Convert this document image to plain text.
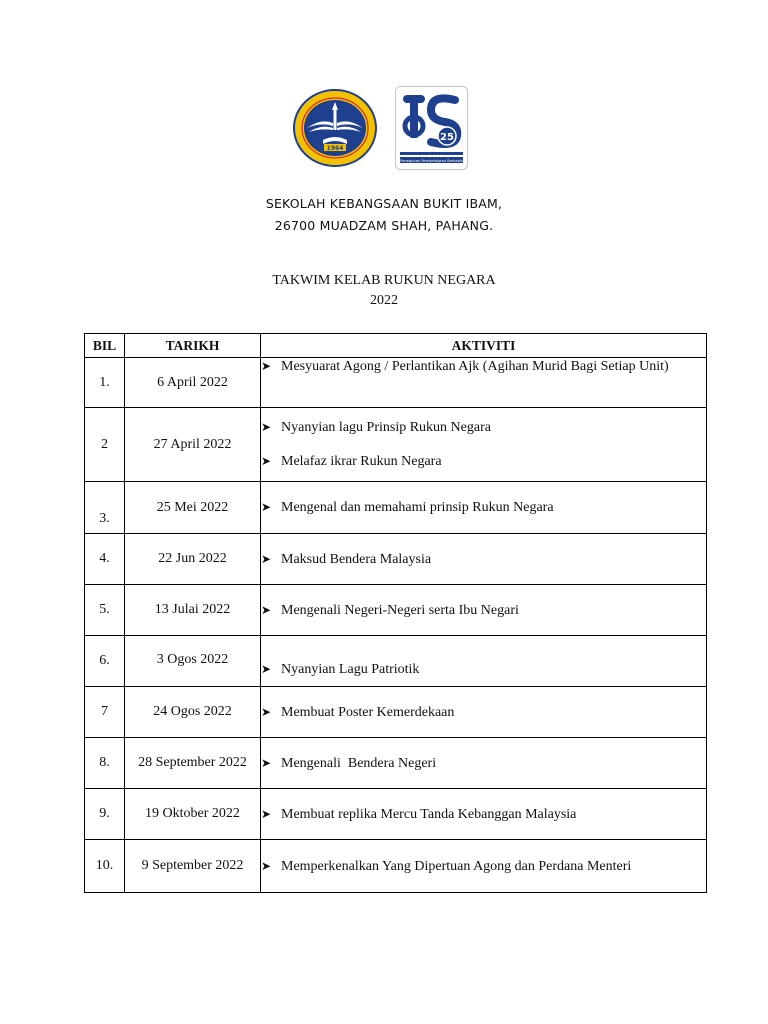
1964
25
Peneguhan Pembelajaran Berhabis
SEKOLAH KEBANGSAAN BUKIT IBAM,
26700 MUADZAM SHAH, PAHANG.
TAKWIM KELAB RUKUN NEGARA
2022
BIL	TARIKH	AKTIVITI
1.	6 April 2022	➤ Mesyuarat Agong / Perlantikan Ajk (Agihan Murid Bagi Setiap Unit)

2	27 April 2022	➤ Nyanyian lagu Prinsip Rukun Negara
➤ Melafaz ikrar Rukun Negara

3.	25 Mei 2022	➤ Mengenal dan memahami prinsip Rukun Negara

4.	22 Jun 2022	➤ Maksud Bendera Malaysia

5.	13 Julai 2022	➤ Mengenali Negeri-Negeri serta Ibu Negari

6.	3 Ogos 2022	➤ Nyanyian Lagu Patriotik

7	24 Ogos 2022	➤ Membuat Poster Kemerdekaan

8.	28 September 2022	➤ Mengenali  Bendera Negeri

9.	19 Oktober 2022	➤ Membuat replika Mercu Tanda Kebanggan Malaysia

10.	9 September 2022	➤ Memperkenalkan Yang Dipertuan Agong dan Perdana Menteri
